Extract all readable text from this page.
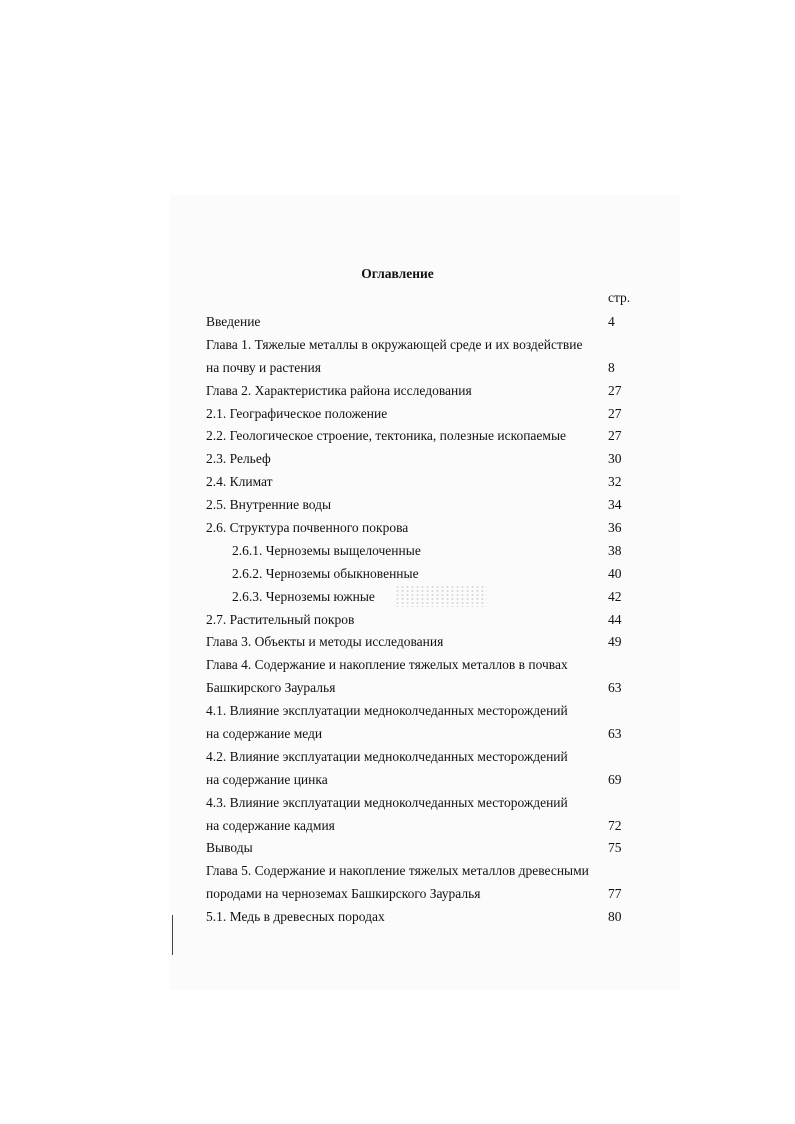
Оглавление
стр.
Введение	4
Глава 1. Тяжелые металлы в окружающей среде и их воздействие
на почву и растения	8
Глава 2. Характеристика района исследования	27
2.1. Географическое положение	27
2.2. Геологическое строение, тектоника, полезные ископаемые	27
2.3. Рельеф	30
2.4. Климат	32
2.5. Внутренние воды	34
2.6. Структура почвенного покрова	36
2.6.1. Черноземы выщелоченные	38
2.6.2. Черноземы обыкновенные	40
2.6.3. Черноземы южные	42
2.7. Растительный покров	44
Глава 3. Объекты и методы исследования	49
Глава 4. Содержание и накопление тяжелых металлов в почвах
Башкирского Зауралья	63
4.1. Влияние эксплуатации медноколчеданных месторождений
на содержание меди	63
4.2. Влияние эксплуатации медноколчеданных месторождений
на содержание цинка	69
4.3. Влияние эксплуатации медноколчеданных месторождений
на содержание кадмия	72
Выводы	75
Глава 5. Содержание и накопление тяжелых металлов древесными
породами на черноземах Башкирского Зауралья	77
5.1. Медь в древесных породах	80
